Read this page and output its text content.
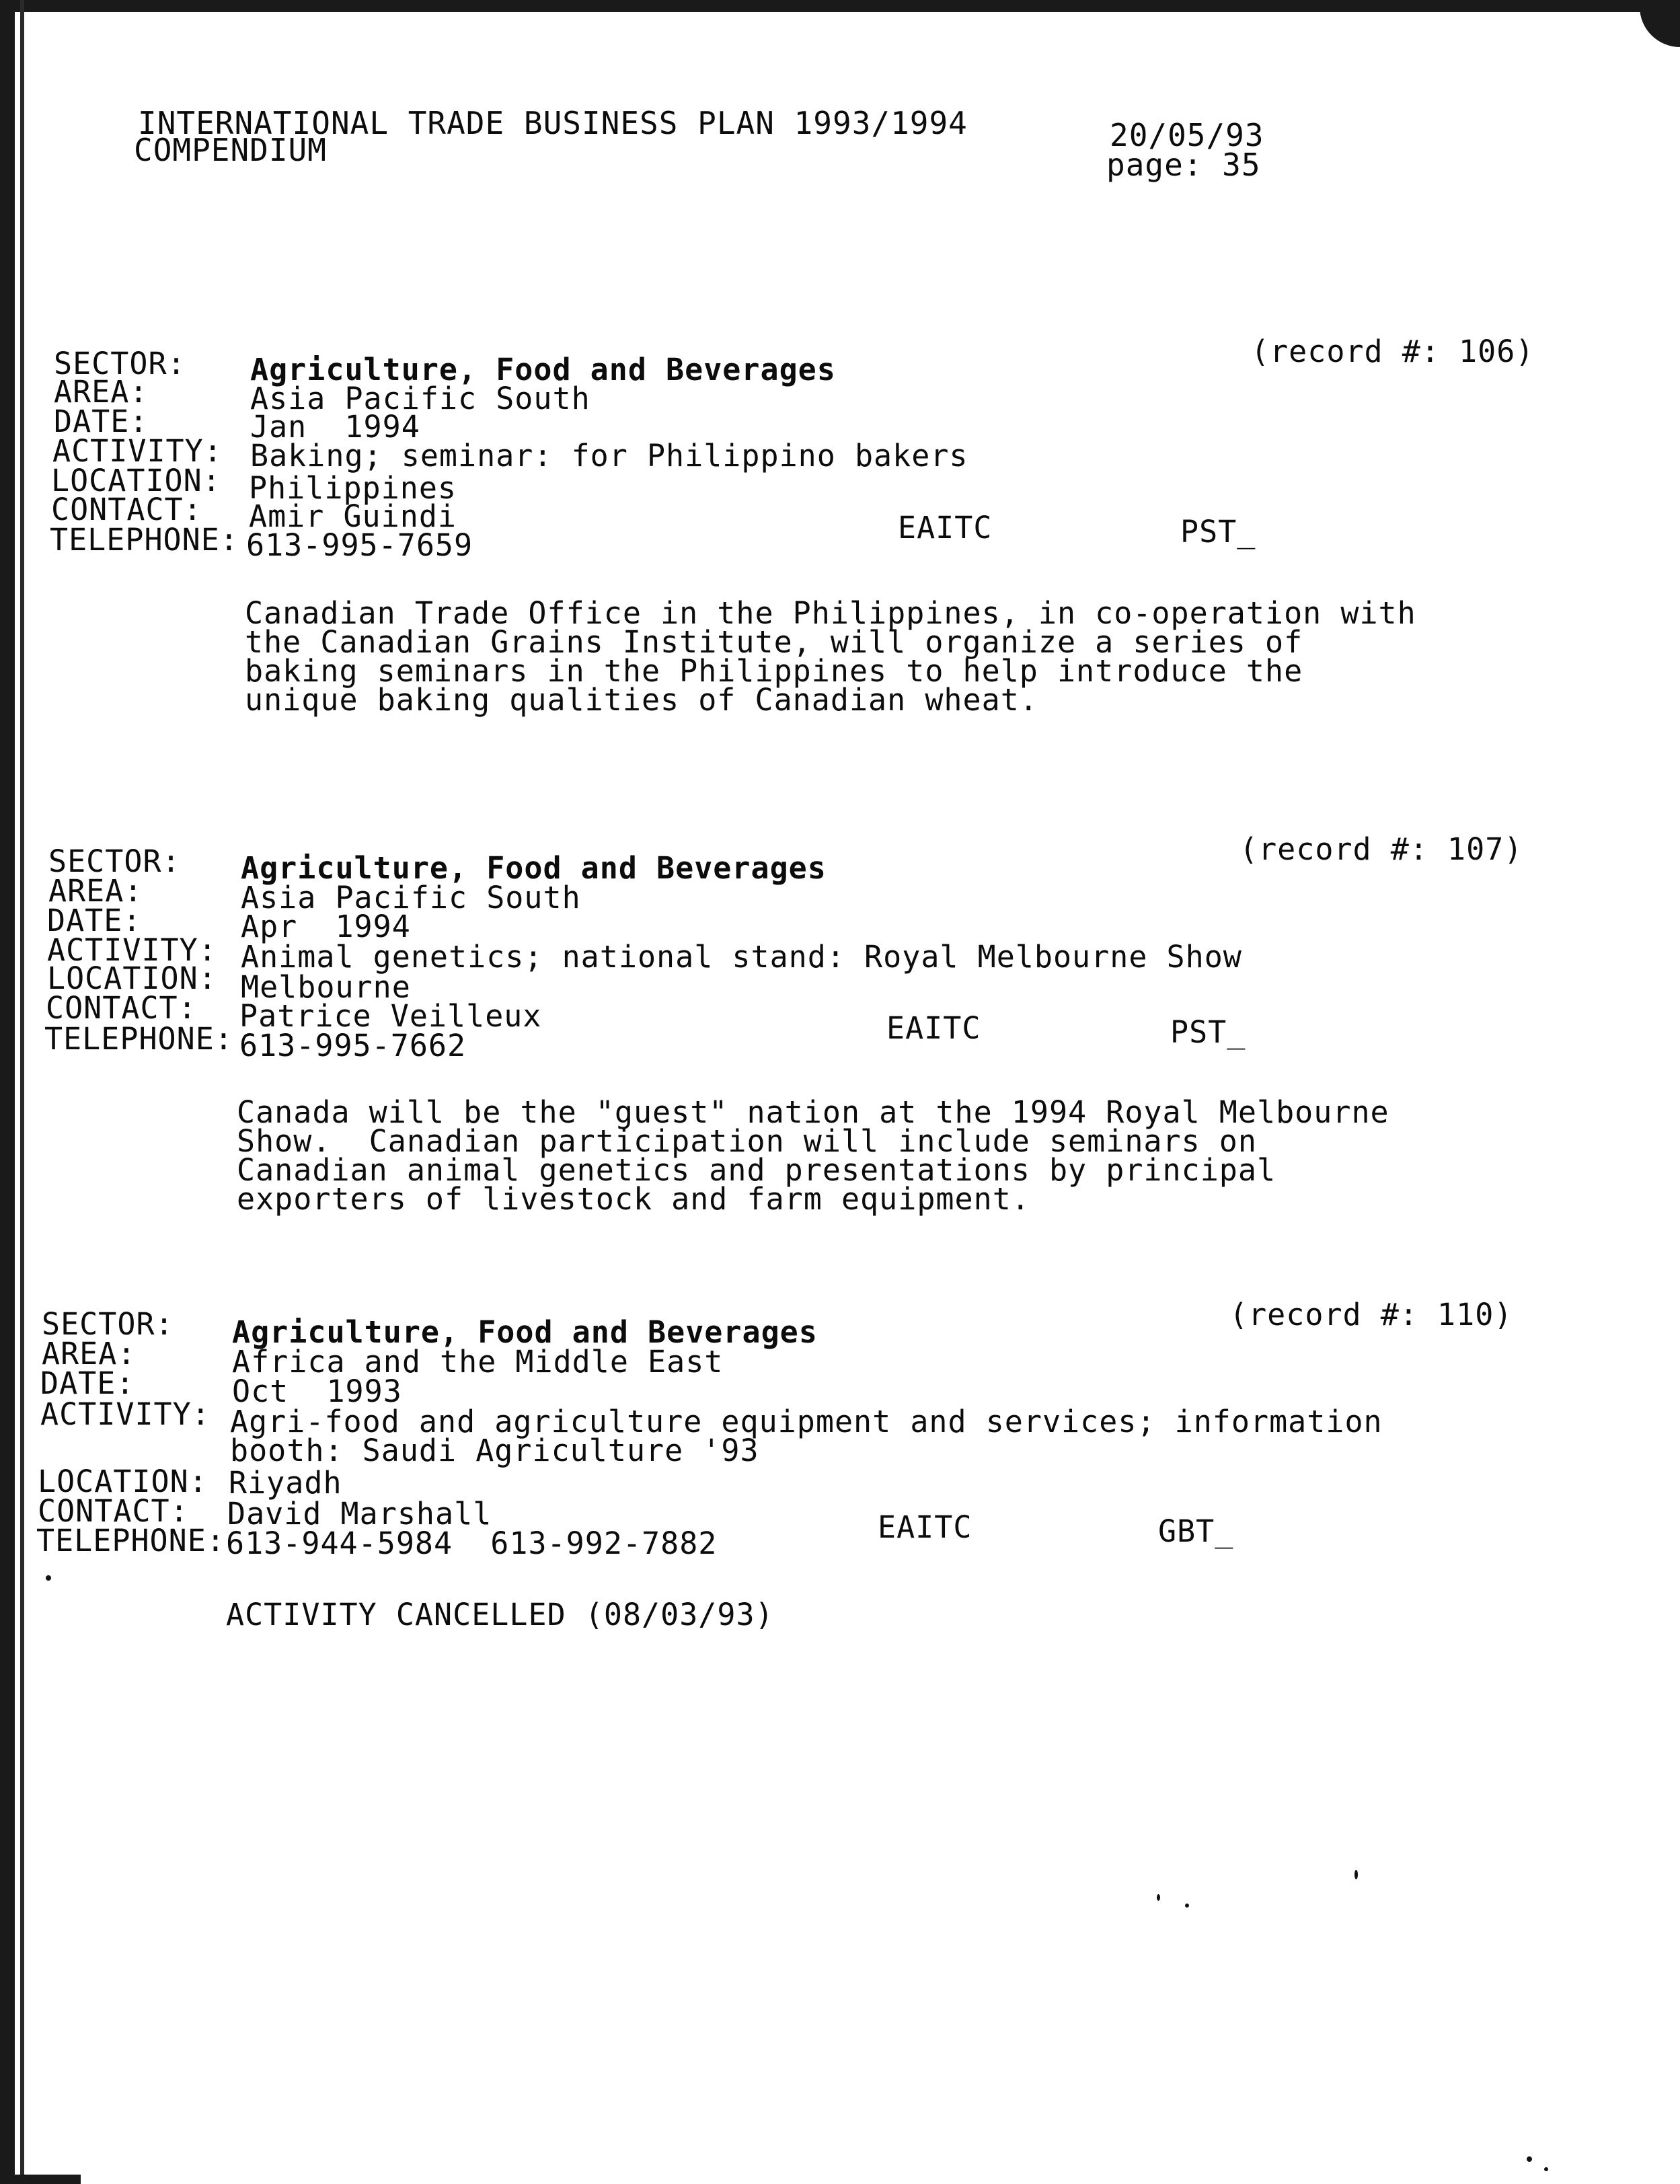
INTERNATIONAL TRADE BUSINESS PLAN 1993/1994
COMPENDIUM	20/05/93
page: 35
(record #: 106)
SECTOR: Agriculture, Food and Beverages
AREA:	Asia Pacific South
DATE:	Jan  1994
ACTIVITY: Baking; seminar: for Philippino bakers
LOCATION: Philippines
CONTACT: Amir Guindi	EAITC	PST_
TELEPHONE: 613-995-7659
Canadian Trade Office in the Philippines, in co-operation with
the Canadian Grains Institute, will organize a series of
baking seminars in the Philippines to help introduce the
unique baking qualities of Canadian wheat.
(record #: 107)
SECTOR: Agriculture, Food and Beverages
AREA:	Asia Pacific South
DATE:	Apr  1994
ACTIVITY: Animal genetics; national stand: Royal Melbourne Show
LOCATION: Melbourne
CONTACT: Patrice Veilleux	EAITC	PST_
TELEPHONE: 613-995-7662
Canada will be the "guest" nation at the 1994 Royal Melbourne
Show.  Canadian participation will include seminars on
Canadian animal genetics and presentations by principal
exporters of livestock and farm equipment.
(record #: 110)
SECTOR: Agriculture, Food and Beverages
AREA:	Africa and the Middle East
DATE:	Oct  1993
ACTIVITY: Agri-food and agriculture equipment and services; information
booth: Saudi Agriculture '93
LOCATION: Riyadh
CONTACT: David Marshall	EAITC	GBT_
TELEPHONE: 613-944-5984  613-992-7882
ACTIVITY CANCELLED (08/03/93)
